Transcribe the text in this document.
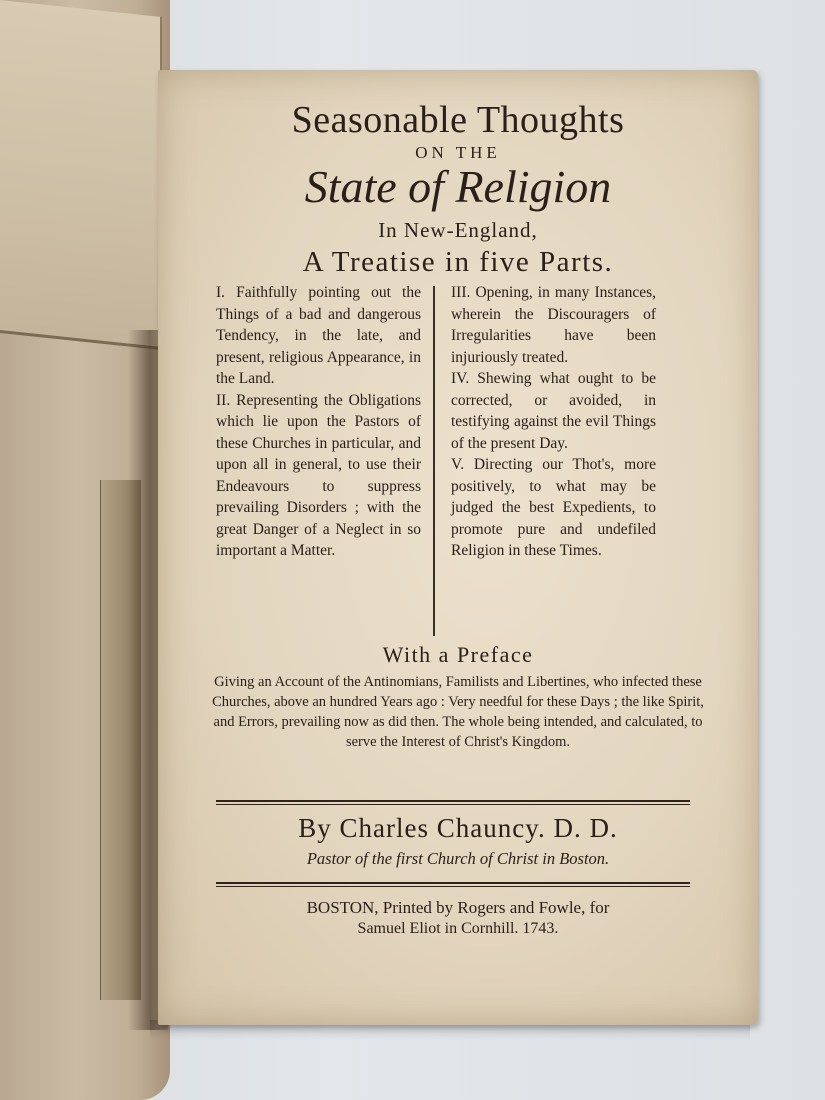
Seasonable Thoughts
ON THE
State of Religion
In New-England,
A Treatise in five Parts.

I. Faithfully pointing out the Things of a bad and dangerous Tendency, in the late, and present, religious Appearance, in the Land.

II. Representing the Obligations which lie upon the Pastors of these Churches in particular, and upon all in general, to use their Endeavours to suppress prevailing Disorders ; with the great Danger of a Neglect in so important a Matter.

III. Opening, in many Instances, wherein the Discouragers of Irregularities have been injuriously treated.

IV. Shewing what ought to be corrected, or avoided, in testifying against the evil Things of the present Day.

V. Directing our Thot's, more positively, to what may be judged the best Expedients, to promote pure and undefiled Religion in these Times.

With a Preface
Giving an Account of the Antinomians, Familists and Libertines, who infected these Churches, above an hundred Years ago : Very needful for these Days ; the like Spirit, and Errors, prevailing now as did then. The whole being intended, and calculated, to serve the Interest of Christ's Kingdom.
By Charles Chauncy. D. D.
Pastor of the first Church of Christ in Boston.
BOSTON, Printed by Rogers and Fowle, for
Samuel Eliot in Cornhill. 1743.
